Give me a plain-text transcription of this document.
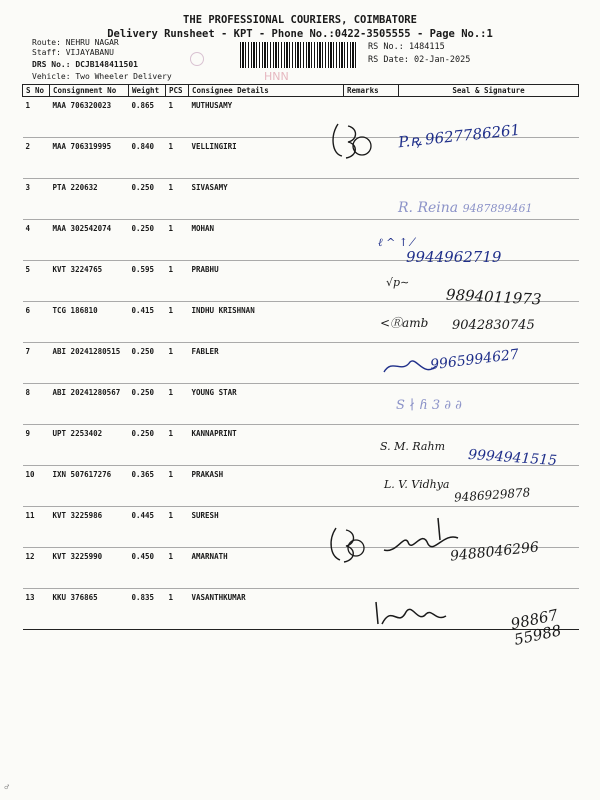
THE PROFESSIONAL COURIERS, COIMBATORE
Delivery Runsheet - KPT - Phone No.:0422-3505555 - Page No.:1
Route: NEHRU NAGAR
Staff: VIJAYABANU
DRS No.: DCJB148411501
Vehicle: Two Wheeler Delivery	HNN
RS No.: 1484115
RS Date: 02-Jan-2025
S No	Consignment No	Weight	PCS	Consignee Details	Remarks	Seal & Signature
1	MAA 706320023	0.865	1	MUTHUSAMY		
2	MAA 706319995	0.840	1	VELLINGIRI		
3	PTA 220632	0.250	1	SIVASAMY		
4	MAA 302542074	0.250	1	MOHAN		
5	KVT 3224765	0.595	1	PRABHU		
6	TCG 186810	0.415	1	INDHU KRISHNAN		
7	ABI 20241280515	0.250	1	FABLER		
8	ABI 20241280567	0.250	1	YOUNG STAR		
9	UPT 2253402	0.250	1	KANNAPRINT		
10	IXN 507617276	0.365	1	PRAKASH		
11	KVT 3225986	0.445	1	SURESH		
12	KVT 3225990	0.450	1	AMARNATH		
13	KKU 376865	0.835	1	VASANTHKUMAR		
P.ꝶ 9627786261
R. Reina 9487899461
ℓ ^ ↑ ⁄
9944962719
√p∼
9894011973
<Ⓡamb 9042830745
9965994627
S ∤ ɦ 3 ∂ ∂
S. M. Rahm
9994941515
L. V. Vidhya
9486929878
9488046296
98867 55988
♂
